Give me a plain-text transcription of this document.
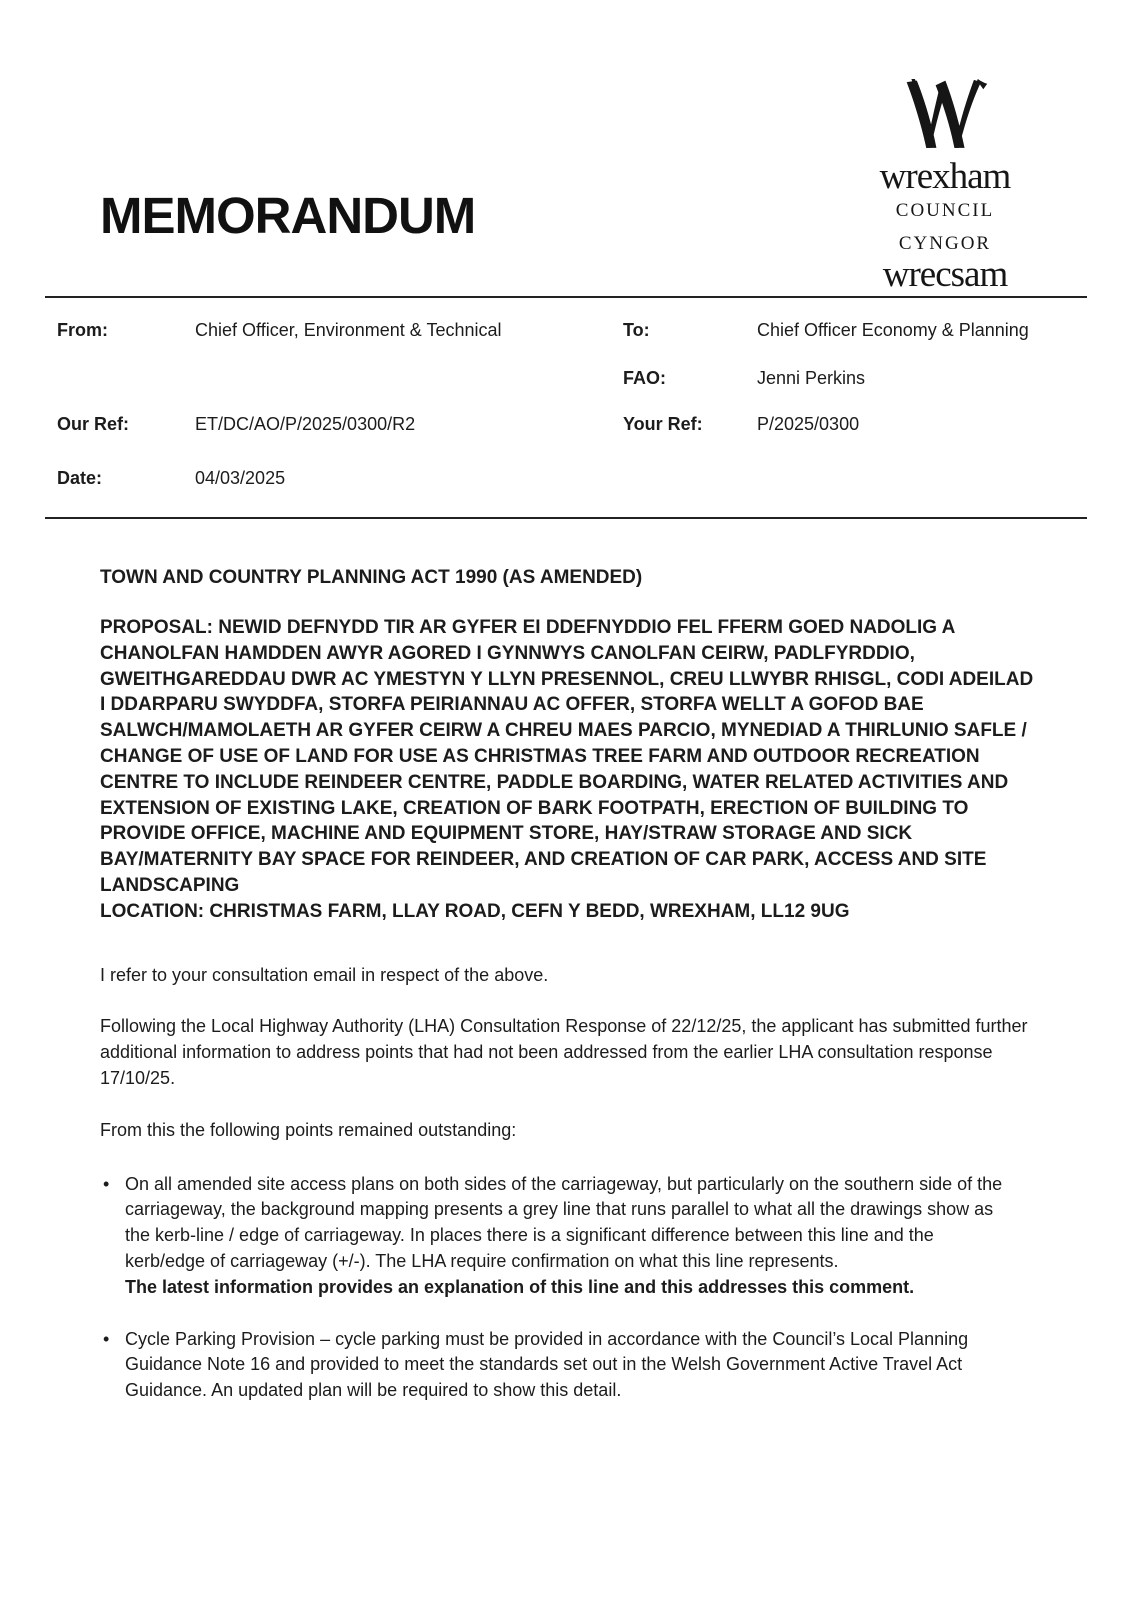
MEMORANDUM
wrexham
COUNCIL
CYNGOR
wrecsam
From:	Chief Officer, Environment & Technical	To:	Chief Officer Economy & Planning
FAO:	Jenni Perkins
Our Ref:	ET/DC/AO/P/2025/0300/R2	Your Ref:	P/2025/0300
Date:	04/03/2025
TOWN AND COUNTRY PLANNING ACT 1990 (AS AMENDED)
PROPOSAL: NEWID DEFNYDD TIR AR GYFER EI DDEFNYDDIO FEL FFERM GOED NADOLIG A CHANOLFAN HAMDDEN AWYR AGORED I GYNNWYS CANOLFAN CEIRW, PADLFYRDDIO, GWEITHGAREDDAU DWR AC YMESTYN Y LLYN PRESENNOL, CREU LLWYBR RHISGL, CODI ADEILAD I DDARPARU SWYDDFA, STORFA PEIRIANNAU AC OFFER, STORFA WELLT A GOFOD BAE SALWCH/MAMOLAETH AR GYFER CEIRW A CHREU MAES PARCIO, MYNEDIAD A THIRLUNIO SAFLE / CHANGE OF USE OF LAND FOR USE AS CHRISTMAS TREE FARM AND OUTDOOR RECREATION CENTRE TO INCLUDE REINDEER CENTRE, PADDLE BOARDING, WATER RELATED ACTIVITIES AND EXTENSION OF EXISTING LAKE, CREATION OF BARK FOOTPATH, ERECTION OF BUILDING TO PROVIDE OFFICE, MACHINE AND EQUIPMENT STORE, HAY/STRAW STORAGE AND SICK BAY/MATERNITY BAY SPACE FOR REINDEER, AND CREATION OF CAR PARK, ACCESS AND SITE LANDSCAPING
LOCATION: CHRISTMAS FARM, LLAY ROAD, CEFN Y BEDD, WREXHAM, LL12 9UG
I refer to your consultation email in respect of the above.
Following the Local Highway Authority (LHA) Consultation Response of 22/12/25, the applicant has submitted further additional information to address points that had not been addressed from the earlier LHA consultation response 17/10/25.
From this the following points remained outstanding:
• On all amended site access plans on both sides of the carriageway, but particularly on the southern side of the carriageway, the background mapping presents a grey line that runs parallel to what all the drawings show as the kerb-line / edge of carriageway. In places there is a significant difference between this line and the kerb/edge of carriageway (+/-). The LHA require confirmation on what this line represents.
The latest information provides an explanation of this line and this addresses this comment.
• Cycle Parking Provision – cycle parking must be provided in accordance with the Council’s Local Planning Guidance Note 16 and provided to meet the standards set out in the Welsh Government Active Travel Act Guidance. An updated plan will be required to show this detail.
